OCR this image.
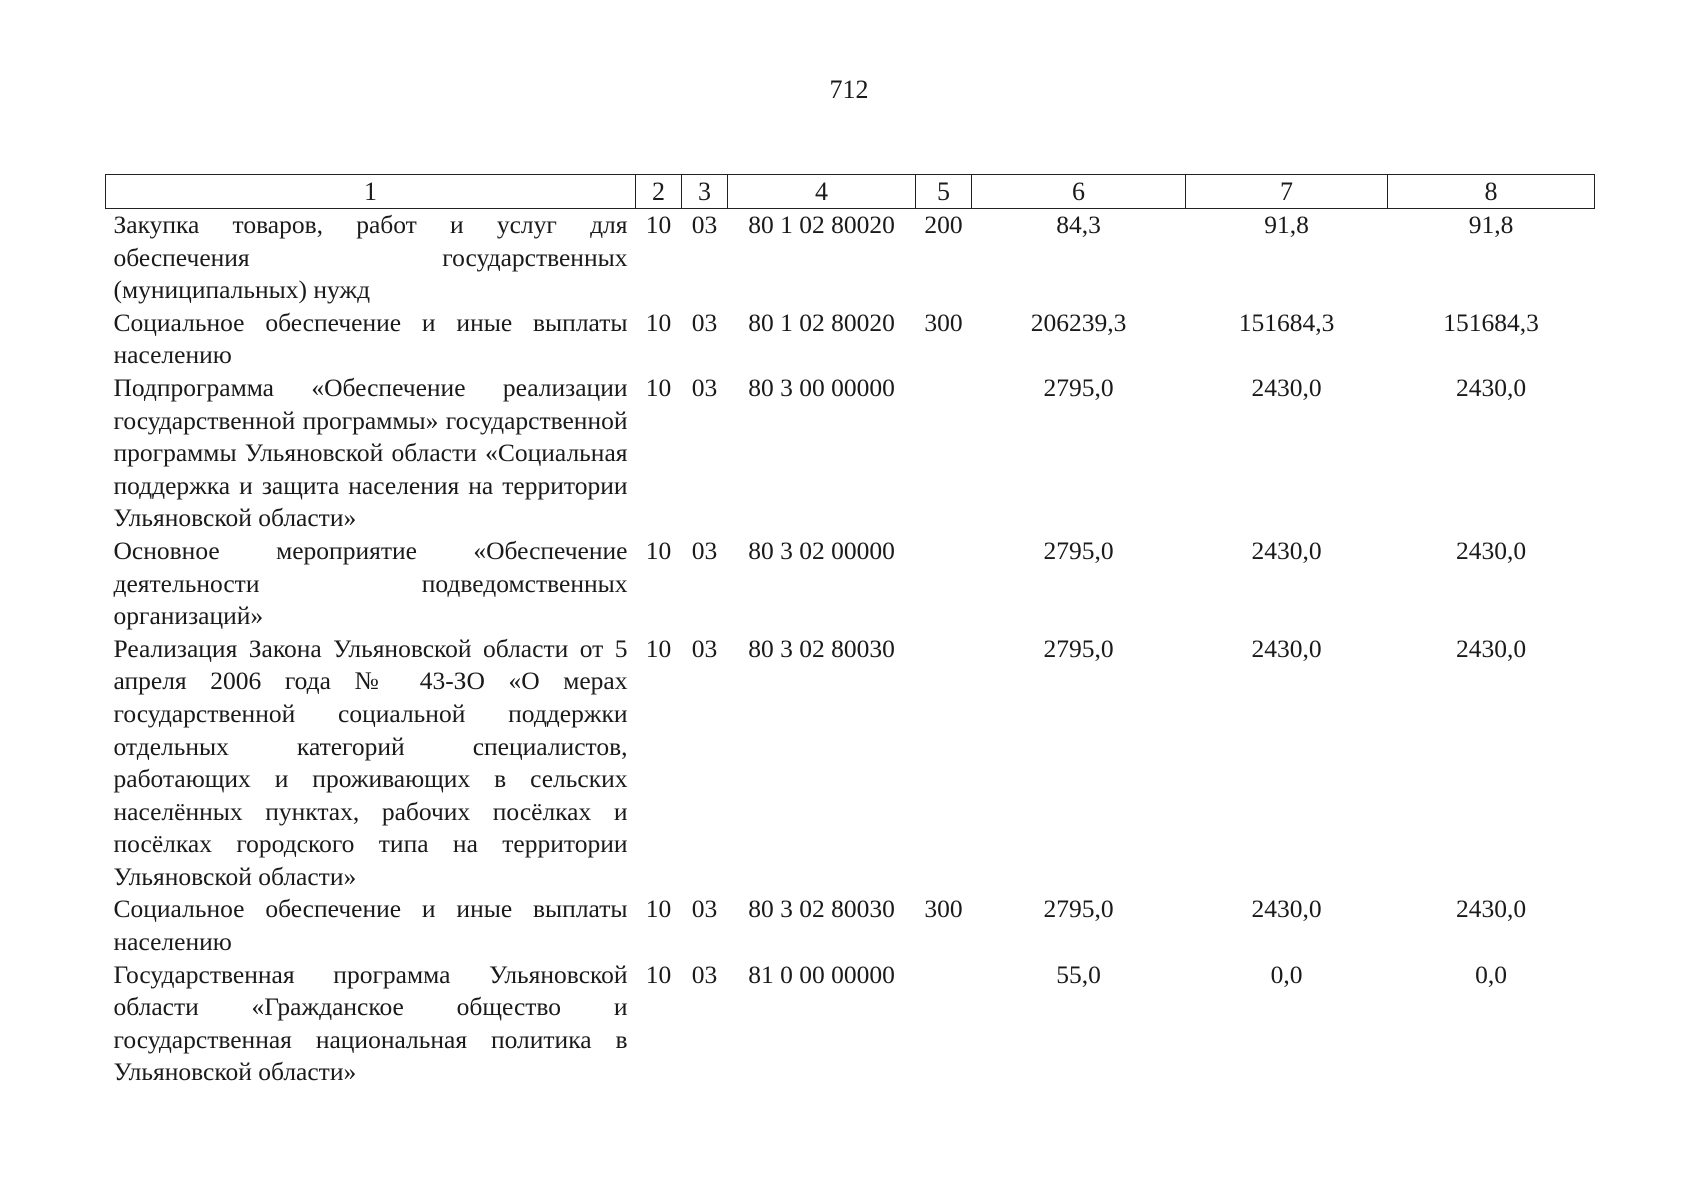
712
1	2	3	4	5	6	7	8
Закупка товаров, работ и услуг для обеспечения государственных (муниципальных) нужд	10	03	80 1 02 80020	200	84,3	91,8	91,8
Социальное обеспечение и иные выплаты населению	10	03	80 1 02 80020	300	206239,3	151684,3	151684,3
Подпрограмма «Обеспечение реализации государственной программы» государственной программы Ульяновской области «Социальная поддержка и защита населения на территории Ульяновской области»	10	03	80 3 00 00000		2795,0	2430,0	2430,0
Основное мероприятие «Обеспечение деятельности подведомственных организаций»	10	03	80 3 02 00000		2795,0	2430,0	2430,0
Реализация Закона Ульяновской области от 5 апреля 2006 года № 43-ЗО «О мерах государственной социальной поддержки отдельных категорий специалистов, работающих и проживающих в сельских населённых пунктах, рабочих посёлках и посёлках городского типа на территории Ульяновской области»	10	03	80 3 02 80030		2795,0	2430,0	2430,0
Социальное обеспечение и иные выплаты населению	10	03	80 3 02 80030	300	2795,0	2430,0	2430,0
Государственная программа Ульяновской области «Гражданское общество и государственная национальная политика в Ульяновской области»	10	03	81 0 00 00000		55,0	0,0	0,0
